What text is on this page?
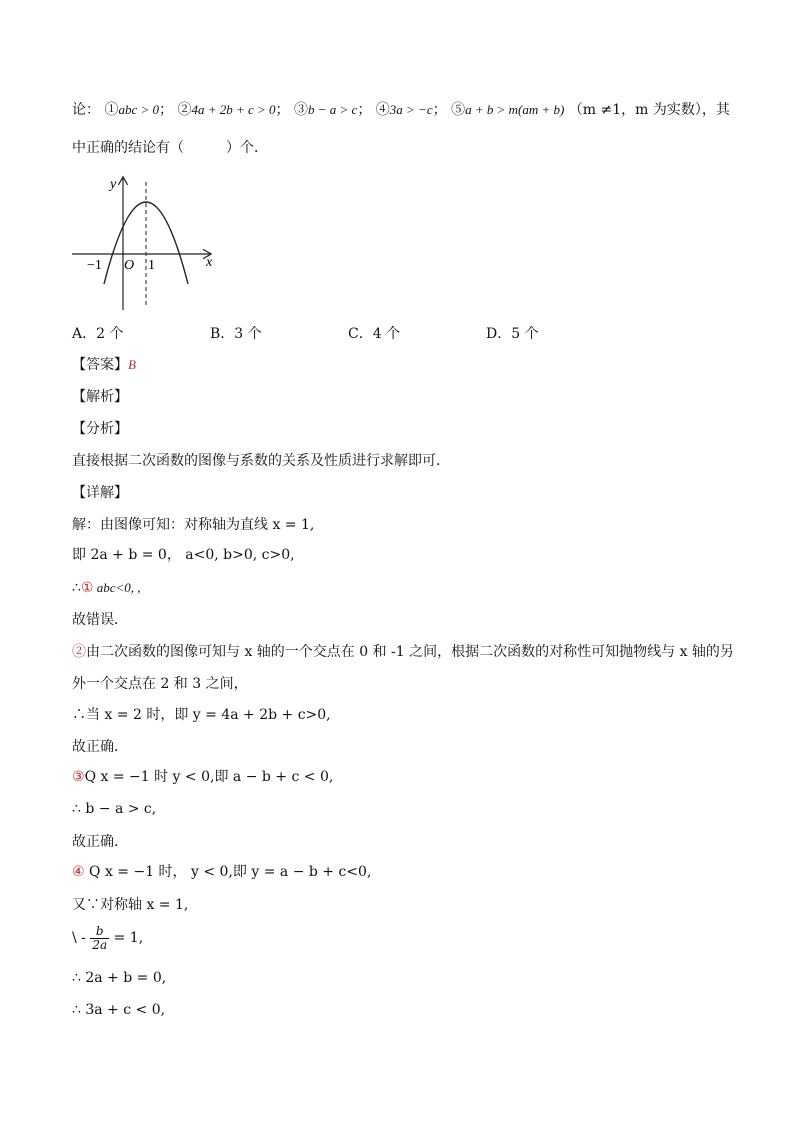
论： ①abc > 0； ②4a + 2b + c > 0； ③b − a > c； ④3a > −c； ⑤a + b > m(am + b) （m ≠1，m 为实数），其
中正确的结论有（　　　）个．
y
x
O
−1	1
A．2 个	B．3 个	C．4 个	D．5 个
【答案】B
【解析】
【分析】
直接根据二次函数的图像与系数的关系及性质进行求解即可．
【详解】
解：由图像可知：对称轴为直线 x = 1,
即 2a + b = 0， a<0, b>0, c>0,
∴① abc<0, ,
故错误．
②由二次函数的图像可知与 x 轴的一个交点在 0 和 -1 之间，根据二次函数的对称性可知抛物线与 x 轴的另
外一个交点在 2 和 3 之间，
∴当 x = 2 时，即 y = 4a + 2b + c>0,
故正确．
③Q x = −1 时 y < 0,即 a − b + c < 0,
∴ b − a > c,
故正确．
④ Q x = −1 时， y < 0,即 y = a − b + c<0,
又∵对称轴 x = 1,
\ - $\frac{b}{2a} = 1$,
∴ 2a + b = 0,
∴ 3a + c < 0,
